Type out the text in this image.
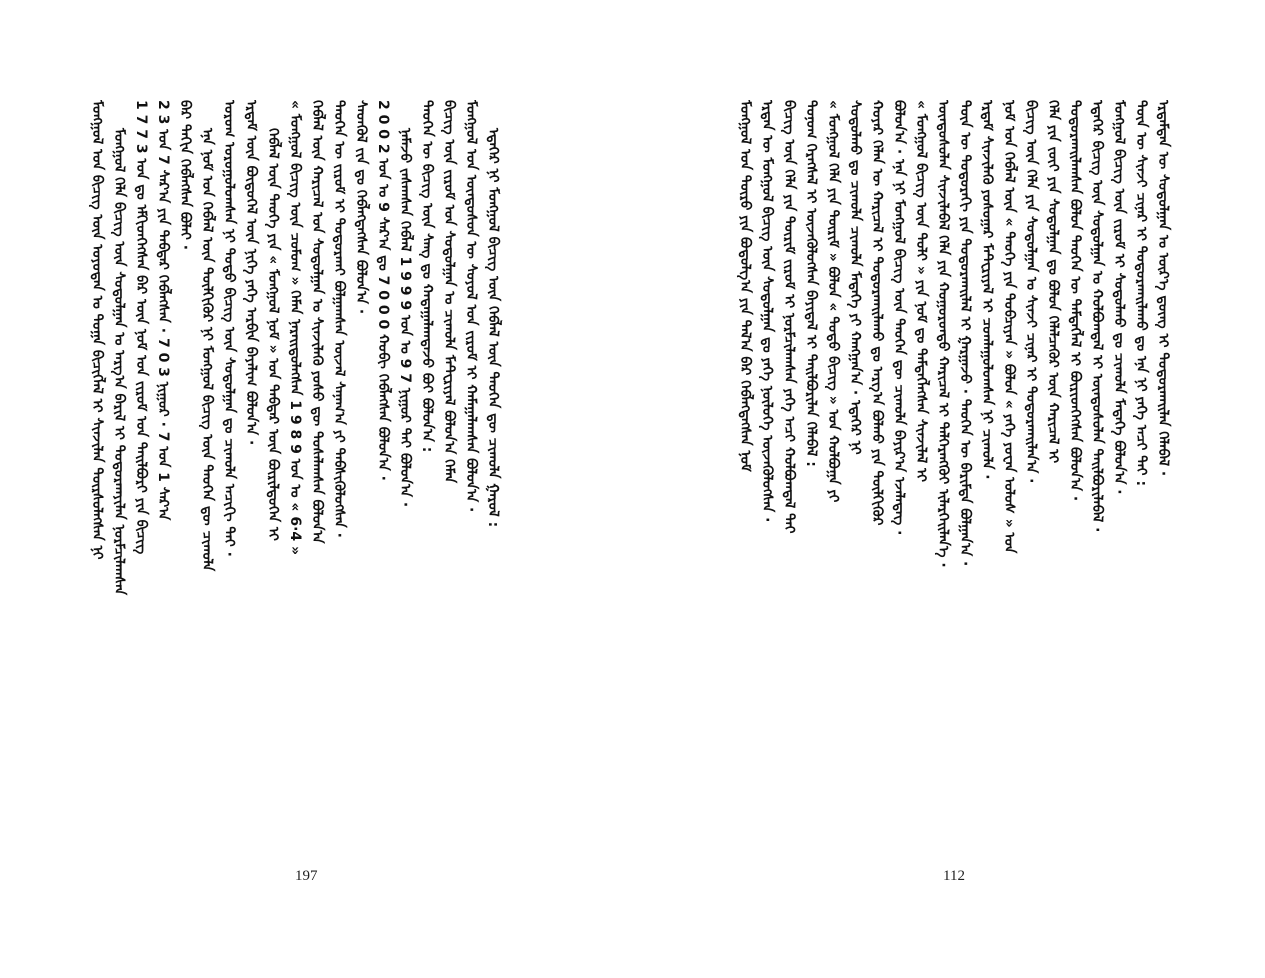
ᠮᠣᠩᠭᠣᠯ ᠤᠨ ᠪᠢᠴᠢᠭ ᠦᠨ ᠣᠶᠤᠲᠠᠨ ᠤ ᠲᠣᠭᠠ ᠪᠢᠴᠢᠭᠯᠡᠯ ᠢ ᠰᠢᠨᠵᠢᠯᠡᠨ ᠳᠦᠷᠰᠦᠯᠡᠭᠰᠡᠨ ᠨᠢ ᠮᠣᠩᠭᠣᠯ ᠬᠡᠯᠡ ᠪᠢᠴᠢᠭ ᠦᠨ ᠰᠤᠳᠤᠯᠭᠠᠨ ᠤ ᠠᠷᠭ᠎ᠠ ᠪᠠᠷᠢᠯ ᠢ ᠲᠣᠳᠤᠷᠬᠠᠶᠢᠯᠠᠨ ᠨᠣᠷᠮᠴᠢᠯᠠᠭᠰᠠᠨ 1 7 7 3 ᠣᠨ ᠳᠤ ᠡᠮᠬᠢᠳᠬᠡᠭᠰᠡᠨ ᠪᠠᠷ ᠦᠨ ᠨᠣᠮ ᠤᠨ ᠵᠢᠷᠤᠮ ᠤᠨ ᠲᠠᠢᠯᠪᠤᠷᠢ ᠶᠢᠨ ᠪᠢᠴᠢᠭ 2 3 ᠣᠨ 7 ᠰᠠᠷ᠎ᠠ ᠶᠢᠨ ᠳᠡᠪᠲᠡᠷ ᠬᠡᠪᠯᠡᠭᠰᠡᠨ · 7 0 3 ᠨᠢᠭᠤᠷ · 7 ᠣᠨ 1 ᠰᠠᠷ᠎ᠠ ᠪᠠᠷ ᠳᠠᠬᠢᠨ ᠬᠡᠪᠯᠡᠭᠰᠡᠨ ᠪᠣᠯᠠᠢ · ᠡᠨᠡ ᠨᠣᠮ ᠤᠨ ᠬᠡᠪᠯᠡᠯ ᠦᠨ ᠲᠦᠯᠬᠢᠭᠦᠷ ᠨᠢ ᠮᠣᠩᠭᠣᠯ ᠪᠢᠴᠢᠭ ᠦᠨ ᠲᠡᠦᠬᠡᠨ ᠳᠦ ᠴᠢᠬᠤᠯᠠ ᠤᠷᠤᠭ ᠣᠷᠤᠭᠤᠯᠤᠭᠰᠠᠨ ᠨᠢ ᠲᠣᠳᠣ ᠪᠢᠴᠢᠭ ᠦᠨ ᠰᠤᠳᠤᠯᠭᠠᠨ ᠳᠤ ᠴᠢᠬᠤᠯᠠ ᠠᠴᠢᠬᠢ ᠲᠠᠢ · ᠡᠷᠳᠡᠮ ᠦᠨ ᠪᠦᠲᠦᠭᠡᠯ ᠦᠨ ᠨᠢᠭᠡ ᠶᠡᠬᠡ ᠠᠷᠪᠢᠨ ᠪᠠᠶᠠᠯᠢᠭ ᠪᠣᠯᠤᠨ᠎ᠠ · ᠬᠡᠪᠯᠡᠯ ᠦᠨ ᠲᠡᠦᠬᠡ ᠶᠢᠨ « ᠮᠣᠩᠭᠣᠯ ᠨᠣᠮ » ᠤᠨ ᠳᠡᠪᠲᠡᠷ ᠦᠨ ᠪᠦᠷᠢᠯᠳᠦᠭᠡᠨ ᠢ « ᠮᠣᠩᠭᠣᠯ ᠪᠢᠴᠢᠭ ᠦᠨ ᠴᠣᠮᠣᠭ » ᠬᠡᠮᠡᠨ ᠨᠡᠷᠡᠢᠳᠦᠯᠡᠭᠰᠡᠨ 1 9 8 9 ᠣᠨ ᠤ « 6·4 » ᠬᠡᠪᠯᠡᠯ ᠦᠨ ᠬᠠᠷᠢᠴᠠᠯ ᠤᠨ ᠰᠤᠳᠤᠯᠭᠠᠨ ᠤ ᠰᠢᠨᠵᠢᠯᠡᠬᠦ ᠶᠤᠰᠤ ᠳᠦ ᠲᠤᠰᠠᠯᠠᠭᠰᠠᠨ ᠪᠣᠯᠤᠨ᠎ᠠ ᠲᠡᠦᠬᠡᠨ ᠦ ᠵᠢᠷᠤᠮ ᠢ ᠲᠣᠳᠣᠷᠬᠠᠢ ᠪᠣᠯᠭᠠᠭᠰᠠᠨ ᠦᠵᠡᠯ ᠰᠠᠨᠠᠭ᠎ᠠ ᠶᠢ ᠳᠡᠪᠰᠢᠭᠦᠯᠦᠭᠰᠡᠨ · ᠰᠡᠳᠬᠦᠯ ᠵᠢᠨ ᠳᠤ ᠬᠡᠪᠯᠡᠭᠳᠡᠭᠰᠡᠨ ᠪᠣᠯᠤᠨ᠎ᠠ · 2 0 0 2 ᠣᠨ ᠤ 9 ᠰᠠᠷ᠎ᠠ ᠳᠤ 7 0 0 0 ᠬᠤᠪᠢ ᠬᠡᠪᠯᠡᠭᠰᠡᠨ ᠪᠣᠯᠤᠨ᠎ᠠ · ᠨᠡᠮᠡᠵᠦ ᠵᠠᠰᠠᠭᠰᠠᠨ ᠬᠡᠪᠯᠡᠯ 1 9 9 9 ᠣᠨ ᠤ 9 7 ᠨᠢᠭᠤᠷ ᠲᠠᠢ ᠪᠣᠯᠤᠨ᠎ᠠ · ᠲᠡᠦᠬᠡᠨ ᠦ ᠪᠢᠴᠢᠭ ᠦᠨ ᠰᠠᠩ ᠳᠤ ᠬᠠᠳᠠᠭᠠᠯᠠᠭᠳᠠᠵᠤ ᠪᠤᠢ ᠪᠣᠯᠤᠨ᠎ᠠ : ᠪᠢᠴᠢᠭ ᠦᠨ ᠵᠢᠷᠤᠮ ᠤᠨ ᠰᠤᠳᠤᠯᠭᠠᠨ ᠤ ᠴᠢᠬᠤᠯᠠ ᠮᠠᠲ᠋ᠧᠷᠢᠶᠠᠯ ᠪᠣᠯᠤᠨ᠎ᠠ ᠬᠡᠮᠡᠨ ᠮᠣᠩᠭᠣᠯ ᠤᠨ ᠦᠨᠳᠦᠰᠦᠨ ᠦ ᠰᠣᠶᠣᠯ ᠤᠨ ᠵᠢᠷᠤᠮ ᠢ ᠬᠠᠮᠠᠭᠠᠯᠠᠭᠰᠠᠨ ᠪᠣᠯᠤᠨ᠎ᠠ · ᠡᠳᠡᠭᠡᠷ ᠨᠢ ᠮᠣᠩᠭᠣᠯ ᠪᠢᠴᠢᠭ ᠦᠨ ᠬᠡᠪᠯᠡᠯ ᠦᠨ ᠲᠡᠦᠬᠡᠨ ᠳᠦ ᠴᠢᠬᠤᠯᠠ ᠭᠠᠷᠤᠯ :
197	112
ᠮᠣᠩᠭᠣᠯ ᠤᠨ ᠲᠦᠷᠦ ᠶᠢᠨ ᠪᠣᠳᠣᠯᠭ᠎ᠠ ᠶᠢᠨ ᠲᠠᠯ᠎ᠠ ᠪᠠᠷ ᠬᠡᠪᠯᠡᠭᠳᠡᠭᠰᠡᠨ ᠨᠣᠮ ᠡᠷᠲᠡᠨ ᠦ ᠮᠣᠩᠭᠣᠯ ᠪᠢᠴᠢᠭ ᠦᠨ ᠰᠤᠳᠤᠯᠭᠠᠨ ᠳᠤ ᠶᠡᠬᠡ ᠨᠥᠯᠦᠭᠡ ᠦᠵᠡᠭᠦᠯᠦᠭᠰᠡᠨ · ᠪᠢᠴᠢᠭ ᠦᠨ ᠬᠡᠯᠡ ᠶᠢᠨ ᠳᠦᠷᠢᠮ ᠵᠢᠷᠤᠮ ᠢ ᠨᠣᠷᠮᠴᠢᠯᠠᠭᠰᠠᠨ ᠶᠡᠬᠡ ᠠᠴᠢ ᠬᠣᠯᠪᠣᠭᠳᠠᠯ ᠲᠠᠢ ᠲᠣᠨᠣᠭ ᠬᠡᠷᠡᠭᠰᠡᠯ ᠢ ᠦᠵᠡᠭᠦᠯᠦᠭᠰᠡᠨ ᠪᠠᠶᠢᠳᠠᠯ ᠢ ᠲᠠᠢᠯᠪᠤᠷᠢᠯᠠᠨ ᠬᠡᠯᠡᠪᠡᠯ : « ᠮᠣᠩᠭᠣᠯ ᠬᠡᠯᠡ ᠶᠢᠨ ᠳᠦᠷᠢᠮ » ᠪᠣᠯᠣᠨ « ᠲᠣᠳᠣ ᠪᠢᠴᠢᠭ » ᠤᠨ ᠬᠣᠯᠪᠣᠭᠠ ᠶᠢ ᠰᠤᠳᠤᠯᠬᠤ ᠳᠤ ᠴᠢᠬᠤᠯᠠ ᠴᠢᠬᠤᠯᠠ ᠮᠡᠳᠡᠭᠡ ᠶᠢ ᠬᠠᠩᠭᠠᠨ᠎ᠠ · ᠡᠳᠡᠭᠡᠷ ᠨᠢ ᠬᠣᠶᠠᠷ ᠬᠡᠯᠡᠨ ᠦ ᠬᠠᠷᠢᠴᠠᠯ ᠢ ᠲᠣᠳᠣᠷᠬᠠᠢᠯᠠᠬᠤ ᠳᠤ ᠠᠷᠭ᠎ᠠ ᠪᠣᠯᠬᠤ ᠶᠢᠨ ᠲᠦᠯᠬᠢᠭᠦᠷ ᠪᠣᠯᠤᠨ᠎ᠠ · ᠡᠨᠡ ᠨᠢ ᠮᠣᠩᠭᠣᠯ ᠪᠢᠴᠢᠭ ᠦᠨ ᠲᠡᠦᠬᠡᠨ ᠳᠦ ᠴᠢᠬᠤᠯᠠ ᠪᠠᠶᠢᠷ᠎ᠠ ᠡᠵᠡᠯᠡᠳᠡᠭ · « ᠮᠣᠩᠭᠣᠯ ᠪᠢᠴᠢᠭ ᠦᠨ ᠲᠣᠯᠢ » ᠶᠢᠨ ᠨᠣᠮ ᠳᠤ ᠲᠡᠮᠳᠡᠭᠯᠡᠭᠰᠡᠨ ᠰᠢᠨᠵᠢᠯᠡᠯ ᠢ ᠦᠨᠳᠦᠰᠦᠯᠡᠨ ᠰᠢᠨᠵᠢᠯᠡᠪᠡᠯ ᠬᠡᠯᠡ ᠶᠢᠨ ᠬᠣᠭᠤᠷᠤᠨᠳᠤ ᠬᠠᠷᠢᠴᠠᠯ ᠢ ᠳᠡᠯᠭᠡᠷᠡᠩᠭᠦᠢ ᠢᠯᠡᠷᠬᠡᠢᠯᠡᠨ᠎ᠡ · ᠲᠦᠨ ᠦ ᠳᠣᠲᠣᠷᠠᠬᠢ ᠶᠢᠨ ᠲᠣᠳᠣᠷᠬᠠᠢᠯᠠᠯ ᠢ ᠭᠠᠷᠭᠠᠵᠤ · ᠲᠡᠦᠬᠡᠨ ᠦ ᠪᠠᠷᠢᠮᠲᠠ ᠪᠣᠯᠭᠠᠨ᠎ᠠ · ᠡᠷᠳᠡᠮ ᠰᠢᠨᠵᠢᠯᠡᠬᠦ ᠶᠤᠰᠤᠭᠠᠷ ᠮᠠᠲ᠋ᠧᠷᠢᠶᠠᠯ ᠢ ᠴᠤᠭᠯᠠᠭᠤᠯᠤᠭᠰᠠᠨ ᠨᠢ ᠴᠢᠬᠤᠯᠠ · ᠨᠣᠮ ᠤᠨ ᠬᠡᠪᠯᠡᠯ ᠦᠨ « ᠲᠡᠦᠬᠡ ᠶᠢᠨ ᠲᠣᠪᠴᠢᠶᠠᠨ » ᠪᠣᠯᠣᠨ « ᠶᠡᠬᠡ ᠶᠤᠸᠠᠨ ᠤᠯᠤᠰ » ᠤᠨ ᠪᠢᠴᠢᠭ ᠦᠨ ᠬᠡᠯᠡ ᠶᠢᠨ ᠰᠤᠳᠤᠯᠭᠠᠨ ᠤ ᠰᠢᠨᠵᠢ ᠴᠢᠨᠠᠷ ᠢ ᠲᠣᠳᠣᠷᠬᠠᠢᠯᠠᠨ᠎ᠠ · ᠬᠡᠯᠡ ᠶᠢᠨ ᠵᠦᠢ ᠶᠢᠨ ᠰᠤᠳᠤᠯᠭᠠᠨ ᠳᠤ ᠪᠣᠯᠣᠨ ᠬᠡᠯᠡᠯᠴᠡᠭᠦᠷ ᠦᠨ ᠬᠠᠷᠢᠴᠠᠯ ᠢ ᠲᠣᠳᠣᠷᠬᠠᠢᠯᠠᠭᠰᠠᠨ ᠪᠣᠯᠣᠨ ᠲᠡᠦᠬᠡᠨ ᠦ ᠲᠡᠮᠳᠡᠭᠯᠡᠯ ᠢ ᠪᠦᠷᠢᠳᠬᠡᠭᠰᠡᠨ ᠪᠣᠯᠤᠨ᠎ᠠ · ᠡᠳᠡᠭᠡᠷ ᠪᠢᠴᠢᠭ ᠦᠨ ᠰᠤᠳᠤᠯᠭᠠᠨ ᠤ ᠬᠣᠯᠪᠣᠭᠳᠠᠯ ᠢ ᠦᠨᠳᠦᠰᠦᠯᠡᠨ ᠲᠠᠢᠯᠪᠤᠷᠢᠯᠠᠪᠠᠯ · ᠮᠣᠩᠭᠣᠯ ᠪᠢᠴᠢᠭ ᠦᠨ ᠵᠢᠷᠤᠮ ᠢ ᠰᠤᠳᠤᠯᠬᠤ ᠳᠤ ᠴᠢᠬᠤᠯᠠ ᠮᠡᠳᠡᠭᠡ ᠪᠣᠯᠤᠨ᠎ᠠ · ᠲᠦᠨ ᠦ ᠰᠢᠨᠵᠢ ᠴᠢᠨᠠᠷ ᠢ ᠲᠣᠳᠣᠷᠬᠠᠢᠯᠠᠬᠤ ᠳᠤ ᠡᠨᠡ ᠨᠢ ᠶᠡᠬᠡ ᠠᠴᠢ ᠲᠠᠢ : ᠡᠷᠳᠡᠮᠲᠡᠨ ᠦ ᠰᠤᠳᠤᠯᠭᠠᠨ ᠤ ᠦᠷ᠎ᠡ ᠳ᠋ᠦᠩ ᠢ ᠲᠣᠳᠣᠷᠬᠠᠢᠯᠠᠨ ᠬᠡᠯᠡᠪᠡᠯ ·
